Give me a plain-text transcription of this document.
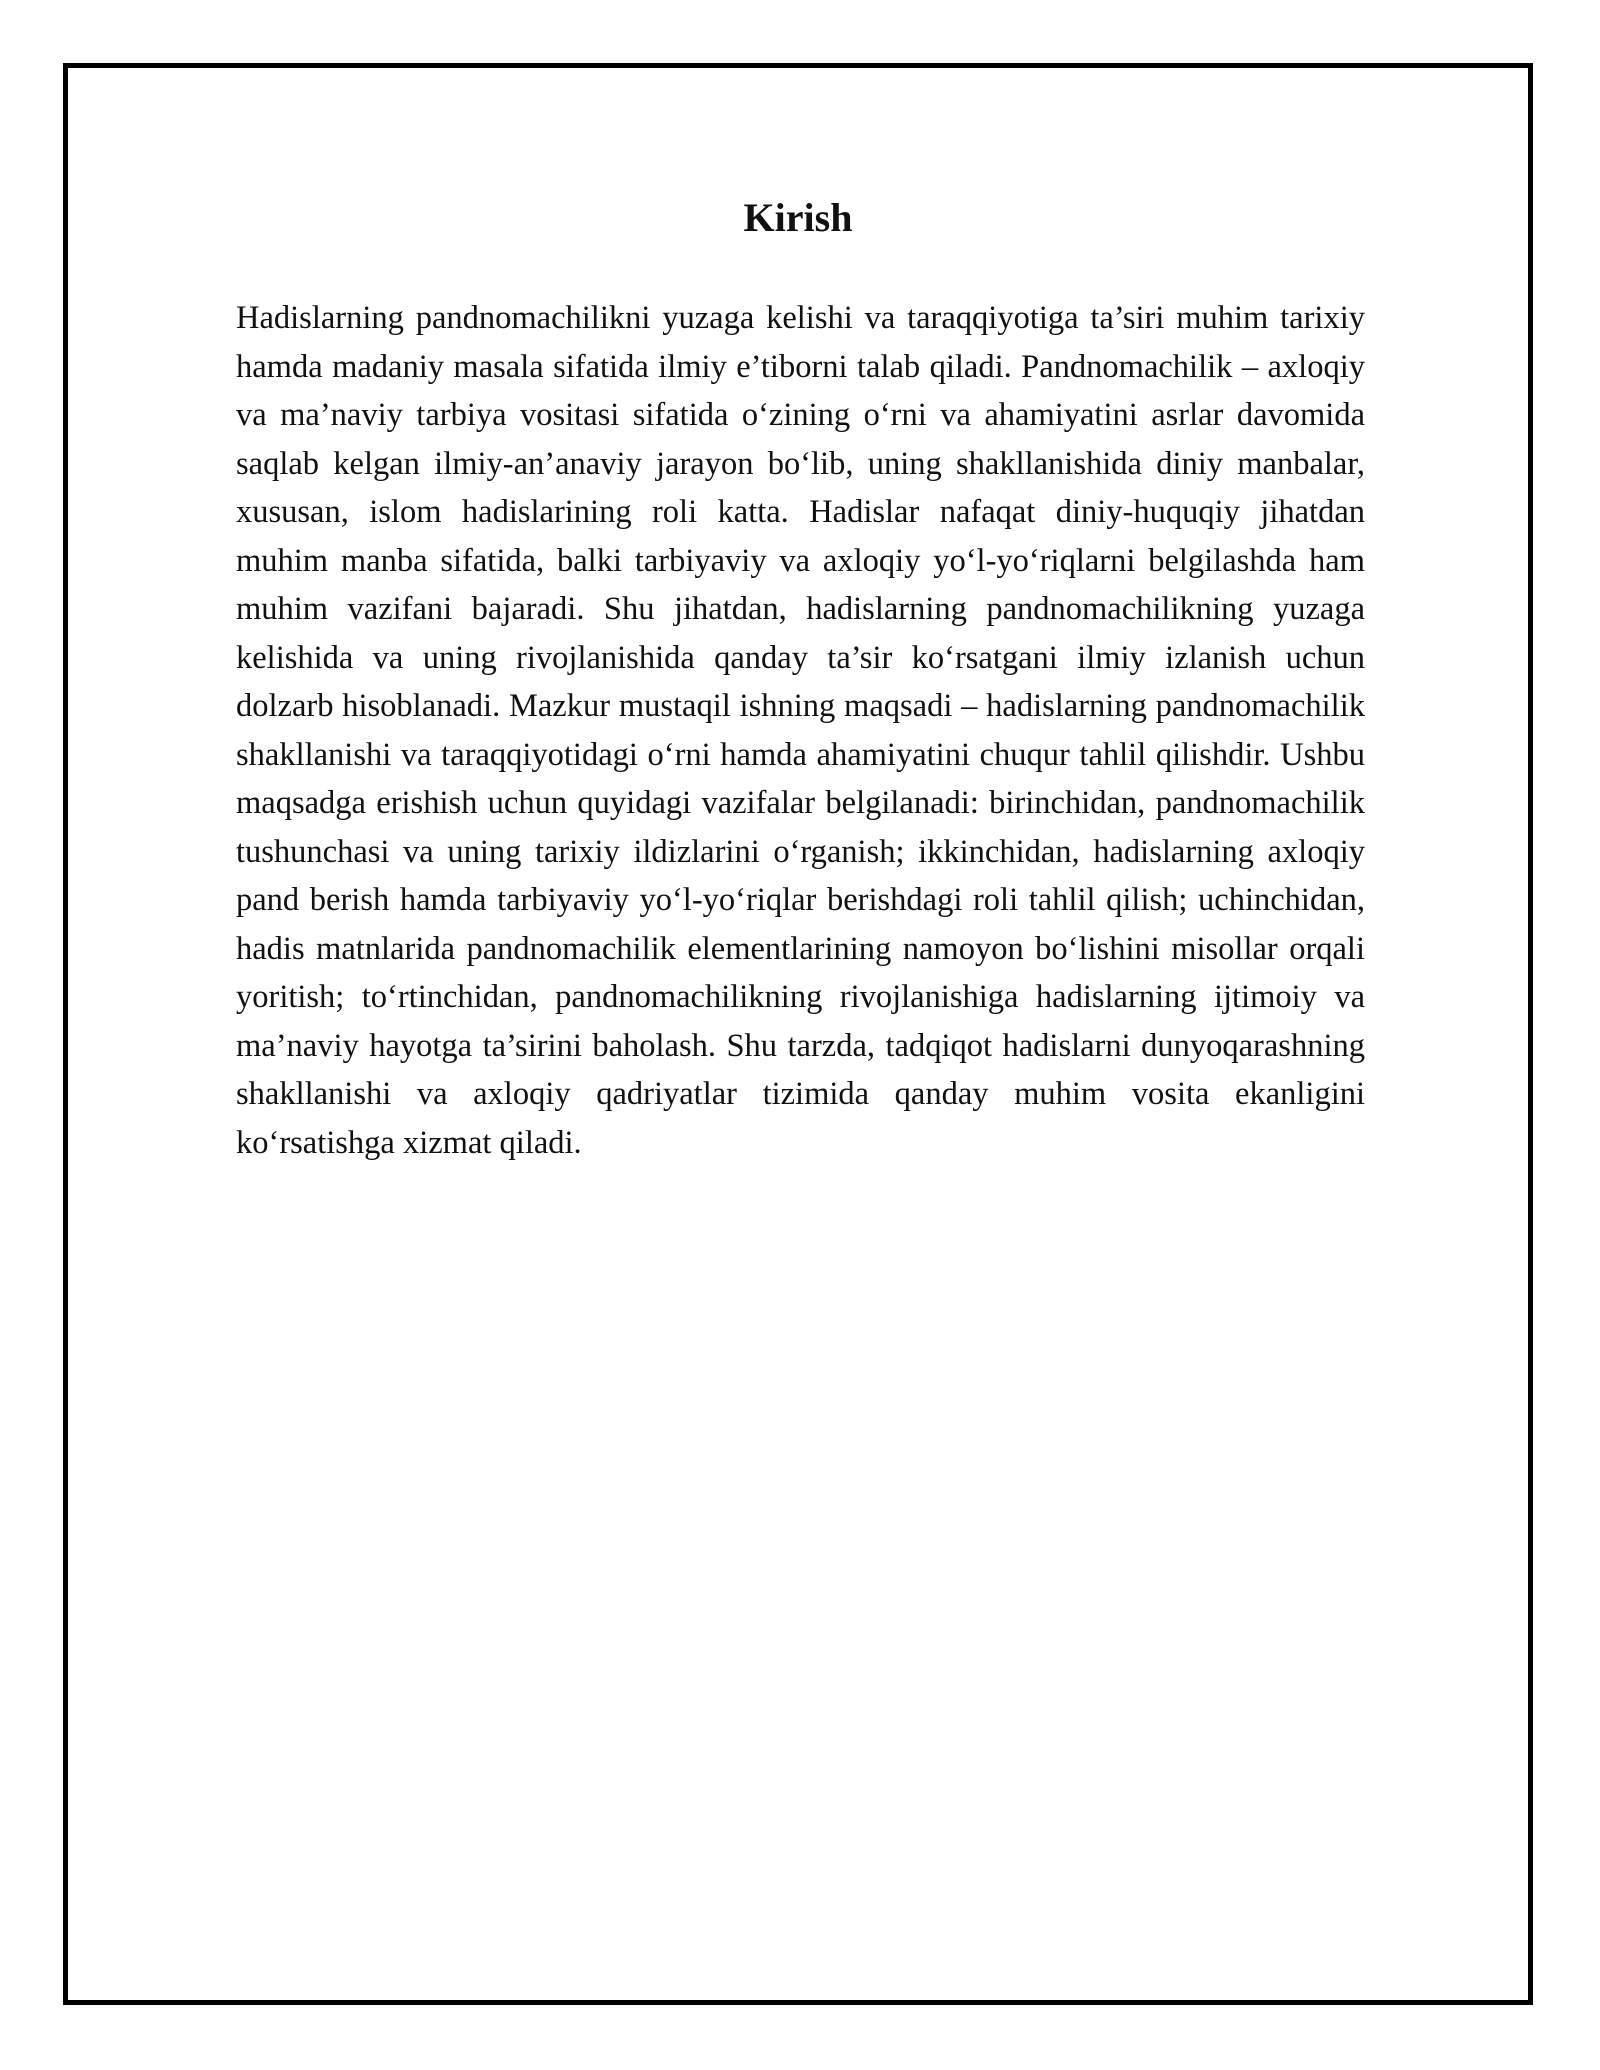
Kirish

Hadislarning pandnomachilikni yuzaga kelishi va taraqqiyotiga ta’siri muhim tarixiy hamda madaniy masala sifatida ilmiy e’tiborni talab qiladi. Pandnomachilik – axloqiy va ma’naviy tarbiya vositasi sifatida o‘zining o‘rni va ahamiyatini asrlar davomida saqlab kelgan ilmiy-an’anaviy jarayon bo‘lib, uning shakllanishida diniy manbalar, xususan, islom hadislarining roli katta. Hadislar nafaqat diniy-huquqiy jihatdan muhim manba sifatida, balki tarbiyaviy va axloqiy yo‘l-yo‘riqlarni belgilashda ham muhim vazifani bajaradi. Shu jihatdan, hadislarning pandnomachilikning yuzaga kelishida va uning rivojlanishida qanday ta’sir ko‘rsatgani ilmiy izlanish uchun dolzarb hisoblanadi. Mazkur mustaqil ishning maqsadi – hadislarning pandnomachilik shakllanishi va taraqqiyotidagi o‘rni hamda ahamiyatini chuqur tahlil qilishdir. Ushbu maqsadga erishish uchun quyidagi vazifalar belgilanadi: birinchidan, pandnomachilik tushunchasi va uning tarixiy ildizlarini o‘rganish; ikkinchidan, hadislarning axloqiy pand berish hamda tarbiyaviy yo‘l-yo‘riqlar berishdagi roli tahlil qilish; uchinchidan, hadis matnlarida pandnomachilik elementlarining namoyon bo‘lishini misollar orqali yoritish; to‘rtinchidan, pandnomachilikning rivojlanishiga hadislarning ijtimoiy va ma’naviy hayotga ta’sirini baholash. Shu tarzda, tadqiqot hadislarni dunyoqarashning shakllanishi va axloqiy qadriyatlar tizimida qanday muhim vosita ekanligini ko‘rsatishga xizmat qiladi.
